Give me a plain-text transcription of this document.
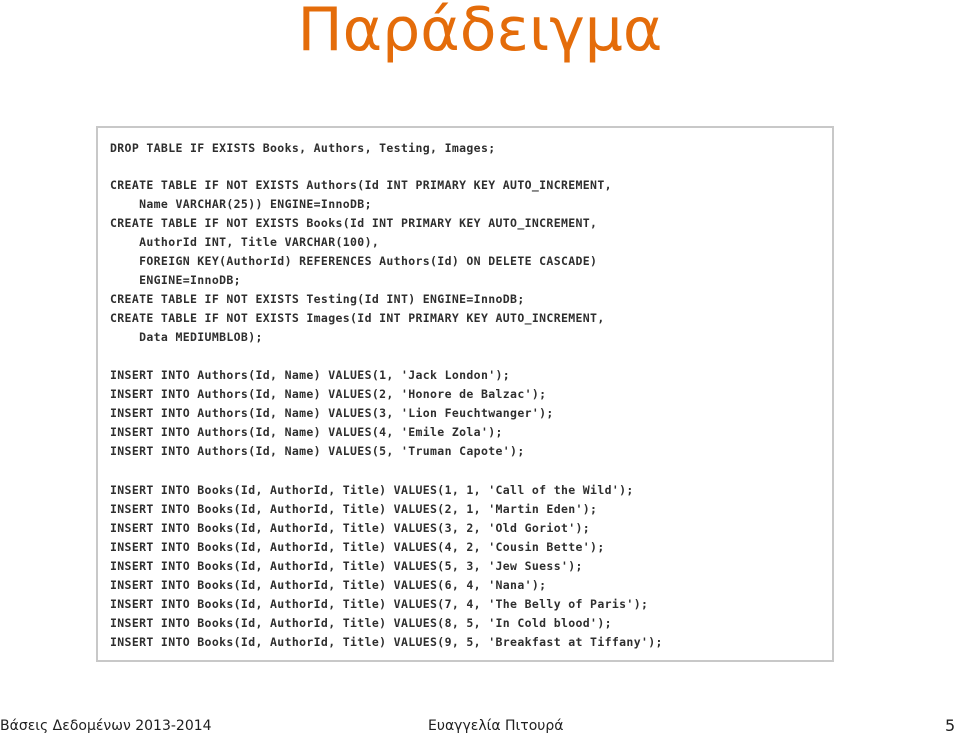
Παράδειγμα
DROP TABLE IF EXISTS Books, Authors, Testing, Images;
CREATE TABLE IF NOT EXISTS Authors(Id INT PRIMARY KEY AUTO_INCREMENT,
Name VARCHAR(25)) ENGINE=InnoDB;
CREATE TABLE IF NOT EXISTS Books(Id INT PRIMARY KEY AUTO_INCREMENT,
AuthorId INT, Title VARCHAR(100),
FOREIGN KEY(AuthorId) REFERENCES Authors(Id) ON DELETE CASCADE)
ENGINE=InnoDB;
CREATE TABLE IF NOT EXISTS Testing(Id INT) ENGINE=InnoDB;
CREATE TABLE IF NOT EXISTS Images(Id INT PRIMARY KEY AUTO_INCREMENT,
Data MEDIUMBLOB);
INSERT INTO Authors(Id, Name) VALUES(1, 'Jack London');
INSERT INTO Authors(Id, Name) VALUES(2, 'Honore de Balzac');
INSERT INTO Authors(Id, Name) VALUES(3, 'Lion Feuchtwanger');
INSERT INTO Authors(Id, Name) VALUES(4, 'Emile Zola');
INSERT INTO Authors(Id, Name) VALUES(5, 'Truman Capote');
INSERT INTO Books(Id, AuthorId, Title) VALUES(1, 1, 'Call of the Wild');
INSERT INTO Books(Id, AuthorId, Title) VALUES(2, 1, 'Martin Eden');
INSERT INTO Books(Id, AuthorId, Title) VALUES(3, 2, 'Old Goriot');
INSERT INTO Books(Id, AuthorId, Title) VALUES(4, 2, 'Cousin Bette');
INSERT INTO Books(Id, AuthorId, Title) VALUES(5, 3, 'Jew Suess');
INSERT INTO Books(Id, AuthorId, Title) VALUES(6, 4, 'Nana');
INSERT INTO Books(Id, AuthorId, Title) VALUES(7, 4, 'The Belly of Paris');
INSERT INTO Books(Id, AuthorId, Title) VALUES(8, 5, 'In Cold blood');
INSERT INTO Books(Id, AuthorId, Title) VALUES(9, 5, 'Breakfast at Tiffany');
Βάσεις Δεδομένων 2013-2014	Ευαγγελία Πιτουρά	5
